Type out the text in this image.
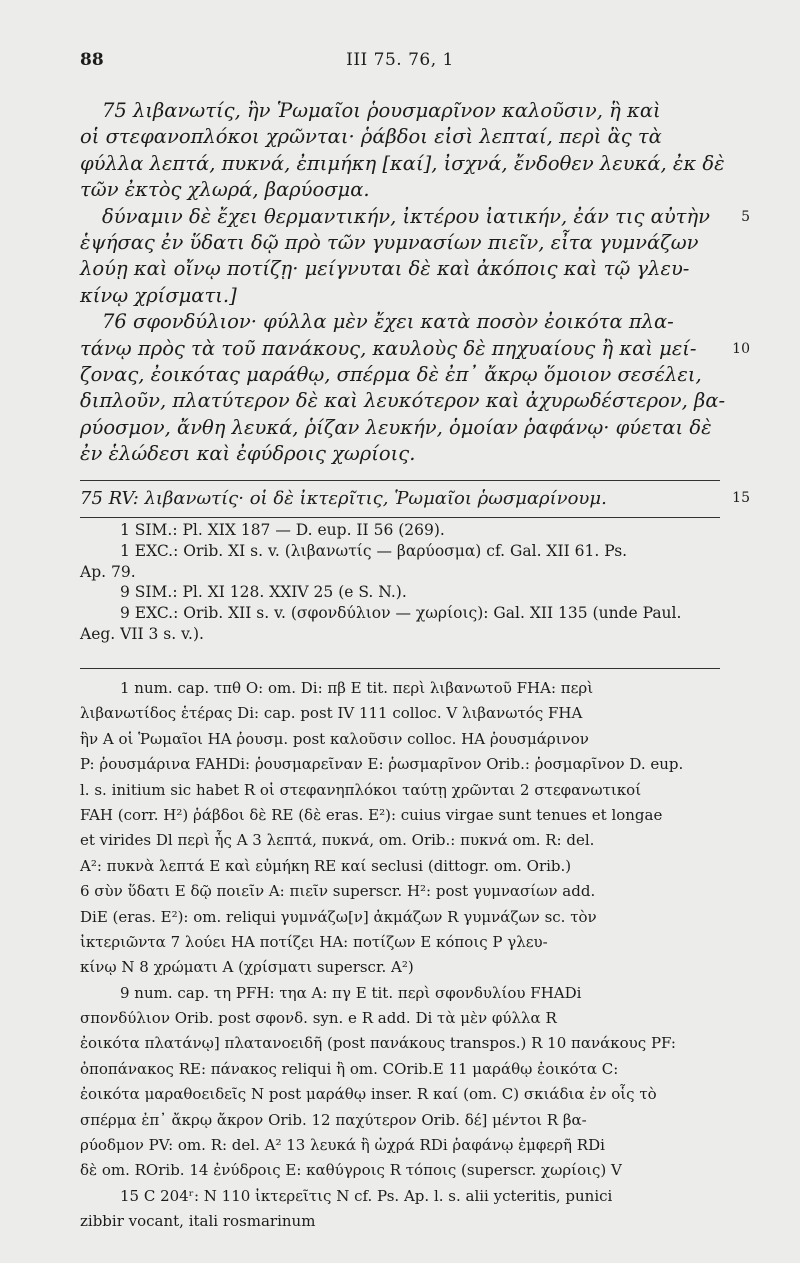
88	III 75. 76, 1
75 λιβανωτίς, ἣν Ῥωμαῖοι ῥουσμαρῖνον καλοῦσιν, ἣ καὶ
οἱ στεφανοπλόκοι χρῶνται· ῥάβδοι εἰσὶ λεπταί, περὶ ἃς τὰ
φύλλα λεπτά, πυκνά, ἐπιμήκη [καί], ἰσχνά, ἔνδοθεν λευκά, ἐκ δὲ
τῶν ἐκτὸς χλωρά, βαρύοσμα.
δύναμιν δὲ ἔχει θερμαντικήν, ἰκτέρου ἰατικήν, ἐάν τις αὐτὴν 5
ἑψήσας ἐν ὕδατι δῷ πρὸ τῶν γυμνασίων πιεῖν, εἶτα γυμνάζων
λούῃ καὶ οἴνῳ ποτίζῃ· μείγνυται δὲ καὶ ἀκόποις καὶ τῷ γλευ-
κίνῳ χρίσματι.]
76 σφονδύλιον· φύλλα μὲν ἔχει κατὰ ποσὸν ἐοικότα πλα-
τάνῳ πρὸς τὰ τοῦ πανάκους, καυλοὺς δὲ πηχυαίους ἢ καὶ μεί-	10
ζονας, ἐοικότας μαράθῳ, σπέρμα δὲ ἐπ᾽ ἄκρῳ ὅμοιον σεσέλει,
διπλοῦν, πλατύτερον δὲ καὶ λευκότερον καὶ ἀχυρωδέστερον, βα-
ρύοσμον, ἄνθη λευκά, ῥίζαν λευκήν, ὁμοίαν ῥαφάνῳ· φύεται δὲ
ἐν ἑλώδεσι καὶ ἐφύδροις χωρίοις.
75 RV: λιβανωτίς· οἱ δὲ ἰκτερῖτις, Ῥωμαῖοι ῥωσμαρίνουμ.	15
1 SIM.: Pl. XIX 187 — D. eup. II 56 (269).
1 EXC.: Orib. XI s. v. (λιβανωτίς — βαρύοσμα) cf. Gal. XII 61. Ps.
Ap. 79.
9 SIM.: Pl. XI 128. XXIV 25 (e S. N.).
9 EXC.: Orib. XII s. v. (σφονδύλιον — χωρίοις): Gal. XII 135 (unde Paul.
Aeg. VII 3 s. v.).
1 num. cap. τπθ O: om. Di: πβ E tit. περὶ λιβανωτοῦ FHA: περὶ
λιβανωτίδος ἑτέρας Di: cap. post IV 111 colloc. V λιβανωτός FHA
ἣν A οἱ Ῥωμαῖοι HA ῥουσμ. post καλοῦσιν colloc. HA ῥουσμάρινον
P: ῥουσμάρινα FAHDi: ῥουσμαρεῖναν E: ῥωσμαρῖνον Orib.: ῥοσμαρῖνον D. eup.
l. s. initium sic habet R οἱ στεφανηπλόκοι ταύτῃ χρῶνται 2 στεφανωτικοί
FAH (corr. H²) ῥάβδοι δὲ RE (δὲ eras. E²): cuius virgae sunt tenues et longae
et virides Dl περὶ ἧς A 3 λεπτά, πυκνά, om. Orib.: πυκνά om. R: del.
A²: πυκνὰ λεπτά E καὶ εὐμήκη RE καί seclusi (dittogr. om. Orib.)
6 σὺν ὕδατι E δῷ ποιεῖν A: πιεῖν superscr. H²: post γυμνασίων add.
DiE (eras. E²): om. reliqui γυμνάζω[ν] ἀκμάζων R γυμνάζων sc. τὸν
ἰκτεριῶντα 7 λούει HA ποτίζει HA: ποτίζων E κόποις P γλευ-
κίνῳ N 8 χρώματι A (χρίσματι superscr. A²)
9 num. cap. τη PFH: τηα A: πγ E tit. περὶ σφονδυλίου FHADi
σπονδύλιον Orib. post σφονδ. syn. e R add. Di τὰ μὲν φύλλα R
ἐοικότα πλατάνῳ] πλατανοειδῆ (post πανάκους transpos.) R 10 πανάκους PF:
ὀποπάνακος RE: πάνακος reliqui ἢ om. COrib.E 11 μαράθῳ ἐοικότα C:
ἐοικότα μαραθοειδεῖς N post μαράθῳ inser. R καί (om. C) σκιάδια ἐν οἷς τὸ
σπέρμα ἐπ᾽ ἄκρῳ ἄκρον Orib. 12 παχύτερον Orib. δέ] μέντοι R βα-
ρύοδμον PV: om. R: del. A² 13 λευκά ἢ ὠχρά RDi ῥαφάνῳ ἐμφερῆ RDi
δὲ om. ROrib. 14 ἐνύδροις E: καθύγροις R τόποις (superscr. χωρίοις) V
15 C 204ʳ: N 110 ἰκτερεῖτις N cf. Ps. Ap. l. s. alii ycteritis, punici
zibbir vocant, itali rosmarinum
